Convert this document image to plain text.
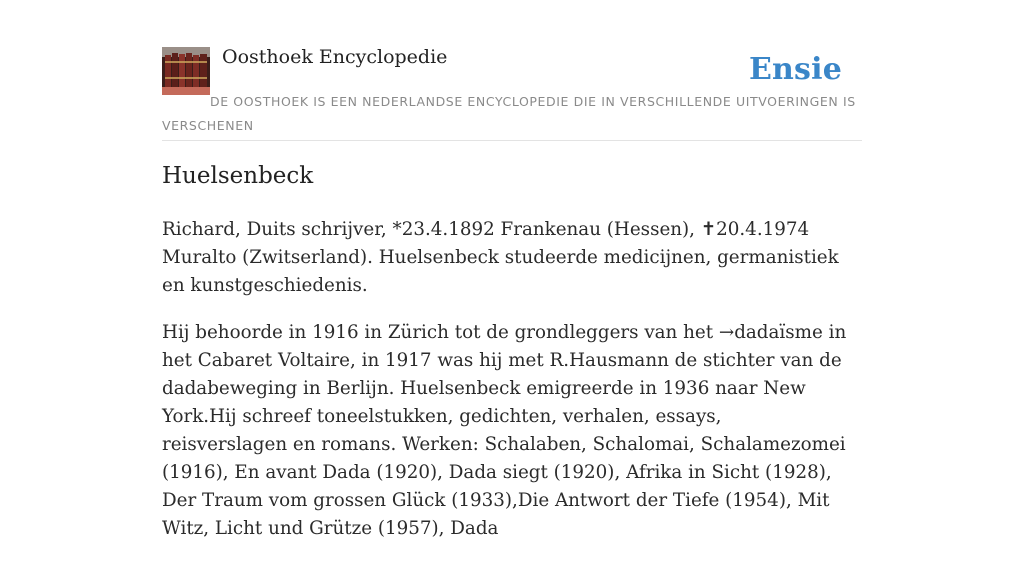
Oosthoek Encyclopedie	Ensie
DE OOSTHOEK IS EEN NEDERLANDSE ENCYCLOPEDIE DIE IN VERSCHILLENDE UITVOERINGEN IS VERSCHENEN
Huelsenbeck

Richard, Duits schrijver, *23.4.1892 Frankenau (Hessen), ✝20.4.1974 Muralto (Zwitserland). Huelsenbeck studeerde medicijnen, germanistiek en kunstgeschiedenis.

Hij behoorde in 1916 in Zürich tot de grondleggers van het →dadaïsme in het Cabaret Voltaire, in 1917 was hij met R.Hausmann de stichter van de dadabeweging in Berlijn. Huelsenbeck emigreerde in 1936 naar New York.Hij schreef toneelstukken, gedichten, verhalen, essays, reisverslagen en romans. Werken: Schalaben, Schalomai, Schalamezomei (1916), En avant Dada (1920), Dada siegt (1920), Afrika in Sicht (1928), Der Traum vom grossen Glück (1933),Die Antwort der Tiefe (1954), Mit Witz, Licht und Grütze (1957), Dada
